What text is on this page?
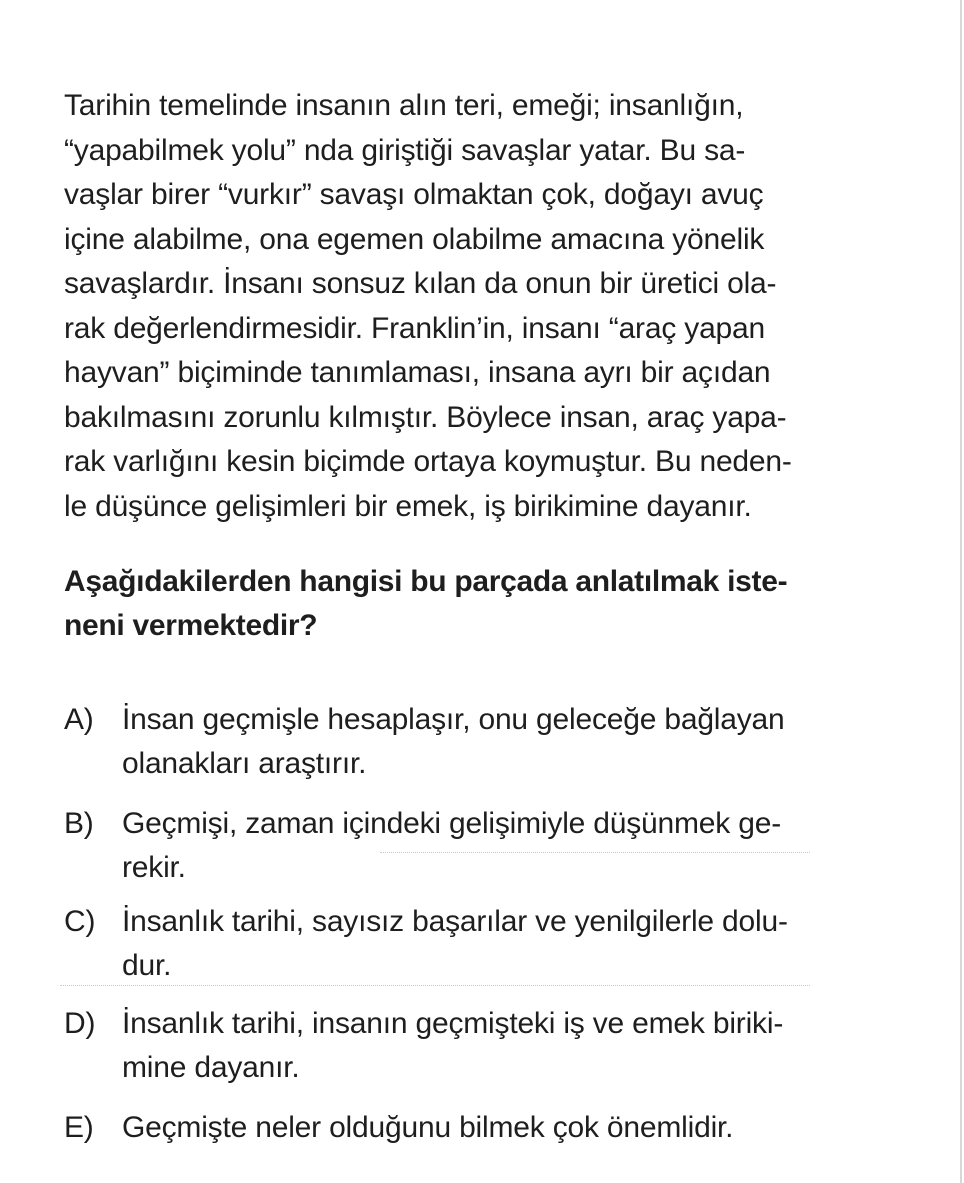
Tarihin temelinde insanın alın teri, emeği; insanlığın,
“yapabilmek yolu” nda giriştiği savaşlar yatar. Bu sa-
vaşlar birer “vurkır” savaşı olmaktan çok, doğayı avuç
içine alabilme, ona egemen olabilme amacına yönelik
savaşlardır. İnsanı sonsuz kılan da onun bir üretici ola-
rak değerlendirmesidir. Franklin’in, insanı “araç yapan
hayvan” biçiminde tanımlaması, insana ayrı bir açıdan
bakılmasını zorunlu kılmıştır. Böylece insan, araç yapa-
rak varlığını kesin biçimde ortaya koymuştur. Bu neden-
le düşünce gelişimleri bir emek, iş birikimine dayanır.
Aşağıdakilerden hangisi bu parçada anlatılmak iste-
neni vermektedir?
A) İnsan geçmişle hesaplaşır, onu geleceğe bağlayan
olanakları araştırır.
B) Geçmişi, zaman içindeki gelişimiyle düşünmek ge-
rekir.
C) İnsanlık tarihi, sayısız başarılar ve yenilgilerle dolu-
dur.
D) İnsanlık tarihi, insanın geçmişteki iş ve emek biriki-
mine dayanır.
E) Geçmişte neler olduğunu bilmek çok önemlidir.
